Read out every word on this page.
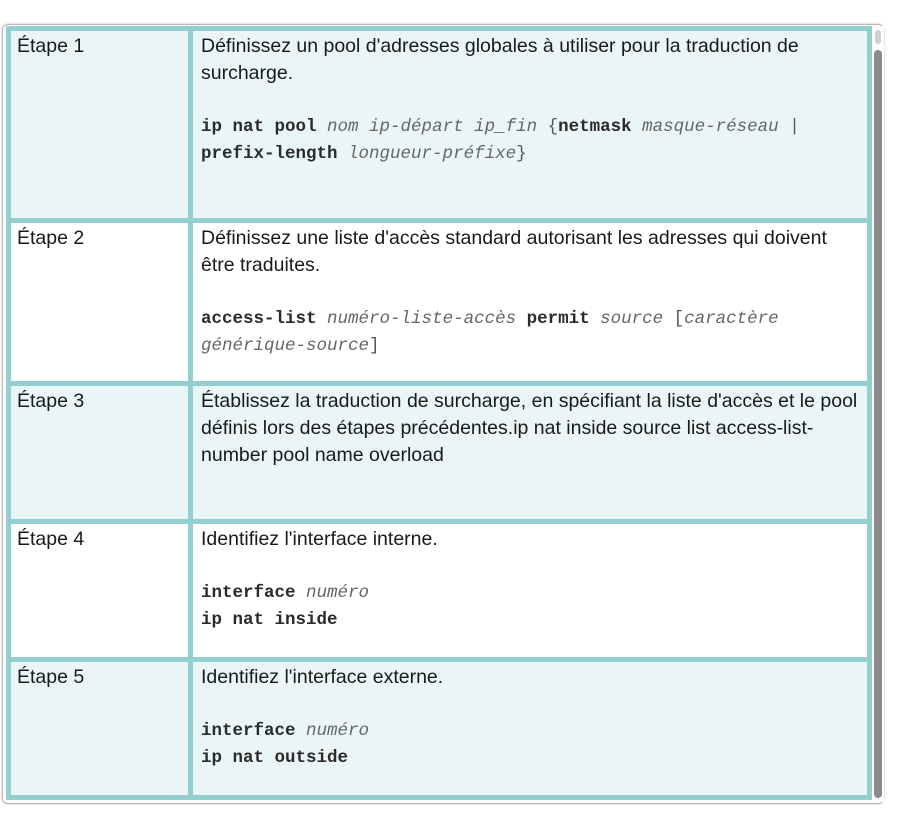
Étape 1	Définissez un pool d'adresses globales à utiliser pour la traduction de surcharge.
ip nat pool nom ip-départ ip_fin {netmask masque-réseau | prefix-length longueur-préfixe}

Étape 2	Définissez une liste d'accès standard autorisant les adresses qui doivent être traduites.
access-list numéro-liste-accès permit source [caractère générique-source]

Étape 3	Établissez la traduction de surcharge, en spécifiant la liste d'accès et le pool définis lors des étapes précédentes.ip nat inside source list access-list-number pool name overload

Étape 4	Identifiez l'interface interne.
interface numéro
ip nat inside

Étape 5	Identifiez l'interface externe.
interface numéro
ip nat outside
